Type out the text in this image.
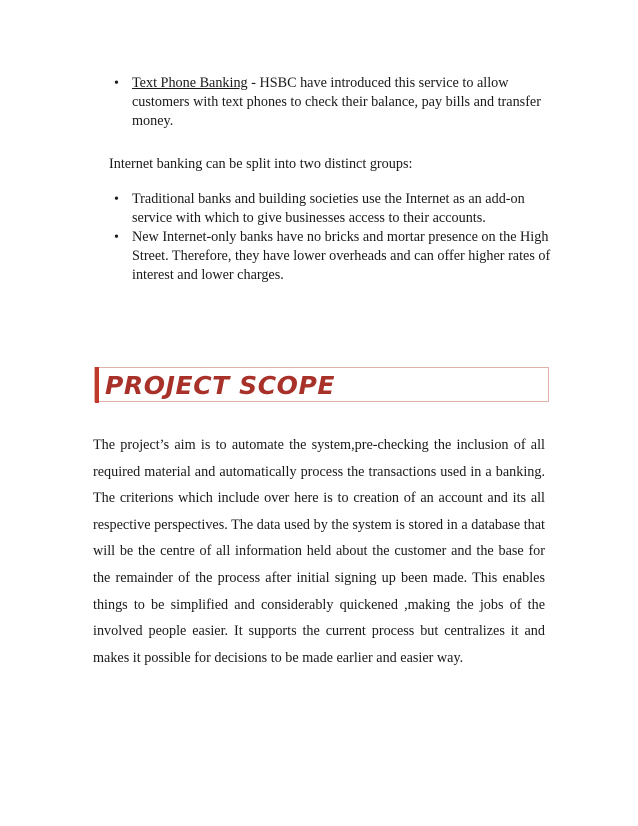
• Text Phone Banking - HSBC have introduced this service to allow customers with text phones to check their balance, pay bills and transfer money.

Internet banking can be split into two distinct groups:

• Traditional banks and building societies use the Internet as an add-on service with which to give businesses access to their accounts.
• New Internet-only banks have no bricks and mortar presence on the High Street. Therefore, they have lower overheads and can offer higher rates of interest and lower charges.
PROJECT SCOPE

The project’s aim is to automate the system,pre-checking the inclusion of all required material and automatically process the transactions used in a banking. The criterions which include over here is to creation of an account and its all respective perspectives. The data used by the system is stored in a database that will be the centre of all information held about the customer and the base for the remainder of the process after initial signing up been made. This enables things to be simplified and considerably quickened ,making the jobs of the involved people easier. It supports the current process but centralizes it and makes it possible for decisions to be made earlier and easier way.
